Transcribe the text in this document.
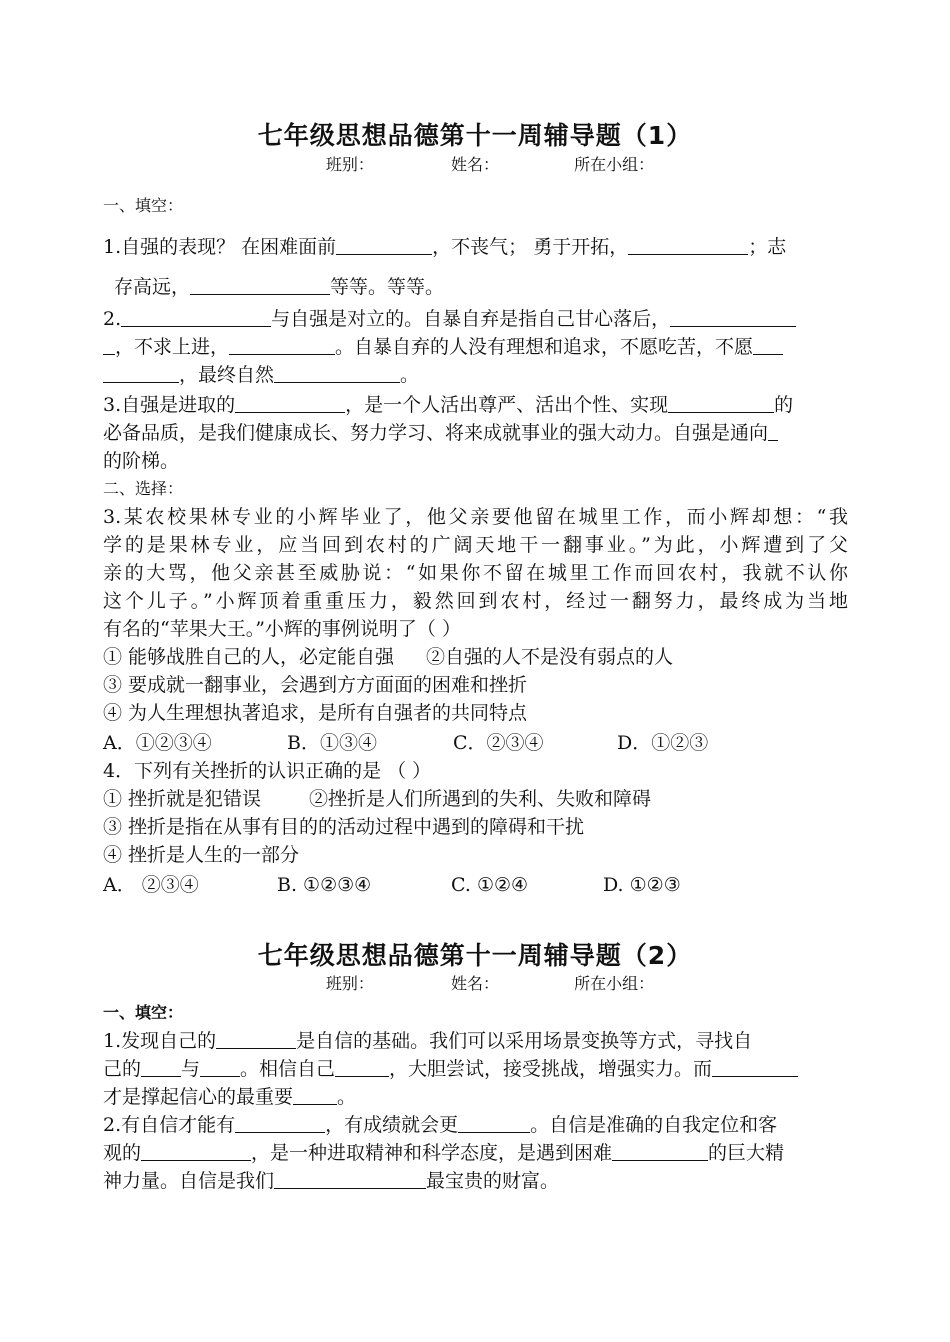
七年级思想品德第十一周辅导题（1）
班别：	姓名：	所在小组：
一、填空：
1.自强的表现？ 在困难面前	，不丧气； 勇于开拓，	；志
存高远，	等等。等等。
2.	与自强是对立的。自暴自弃是指自己甘心落后，
，不求上进，	。自暴自弃的人没有理想和追求，不愿吃苦，不愿
，最终自然	。
3.自强是进取的	，是一个人活出尊严、活出个性、实现	的
必备品质，是我们健康成长、努力学习、将来成就事业的强大动力。自强是通向
的阶梯。
二、选择：
3.某农校果林专业的小辉毕业了，他父亲要他留在城里工作，而小辉却想：“我
学的是果林专业，应当回到农村的广阔天地干一翻事业。”为此，小辉遭到了父
亲的大骂，他父亲甚至威胁说：“如果你不留在城里工作而回农村，我就不认你
这个儿子。”小辉顶着重重压力，毅然回到农村，经过一翻努力，最终成为当地
有名的“苹果大王。”小辉的事例说明了（ ）
① 能够战胜自己的人，必定能自强 ②自强的人不是没有弱点的人
③ 要成就一翻事业，会遇到方方面面的困难和挫折
④ 为人生理想执著追求，是所有自强者的共同特点
A．①②③④	B．①③④	C．②③④	D．①②③
4．下列有关挫折的认识正确的是 （ ）
① 挫折就是犯错误	②挫折是人们所遇到的失利、失败和障碍
③ 挫折是指在从事有目的的活动过程中遇到的障碍和干扰
④ 挫折是人生的一部分
A． ②③④	B. ①②③④	C. ①②④	D. ①②③
七年级思想品德第十一周辅导题（2）
班别：	姓名：	所在小组：
一、填空：
1.发现自己的	是自信的基础。我们可以采用场景变换等方式，寻找自
己的 与 。相信自己	，大胆尝试，接受挑战，增强实力。而
才是撑起信心的最重要 。
2.有自信才能有	，有成绩就会更	。自信是准确的自我定位和客
观的	，是一种进取精神和科学态度，是遇到困难	的巨大精
神力量。自信是我们	最宝贵的财富。
